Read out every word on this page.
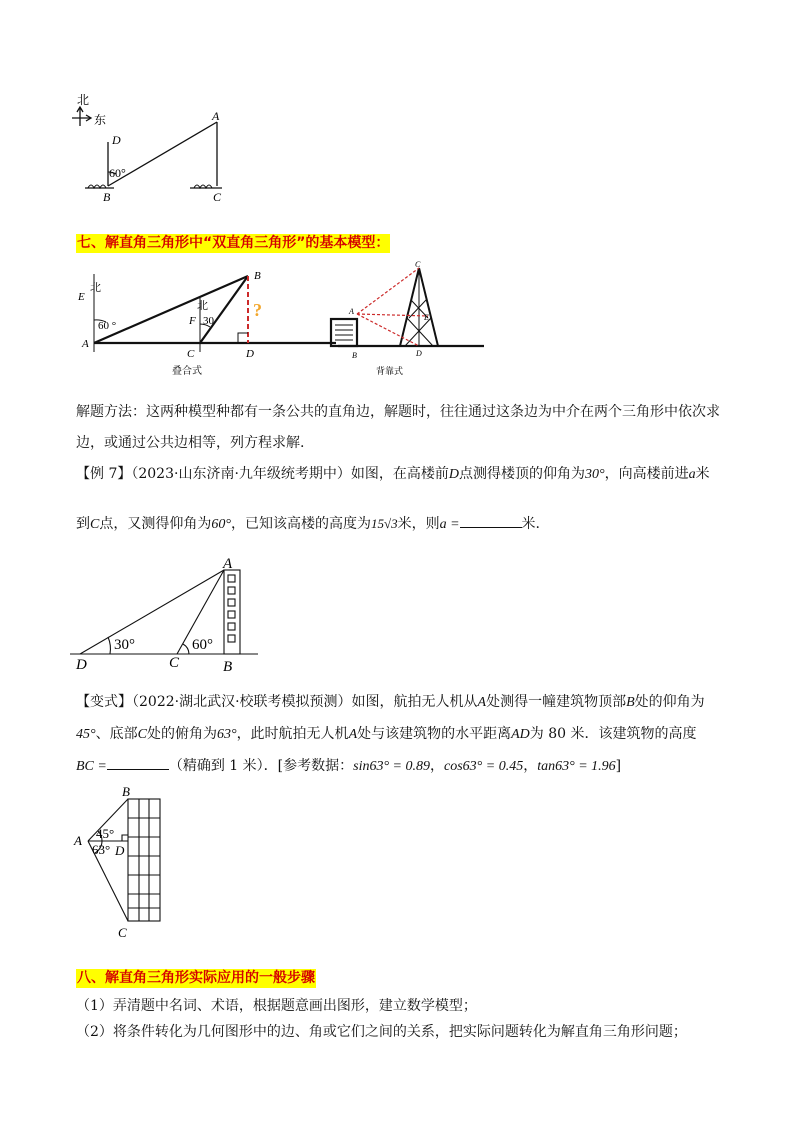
北
东
D
A
60°
B	C
七、解直角三角形中“双直角三角形”的基本模型：
B
E
北
北
60 °	F 30
?
A
C	D
叠合式
C
A
E
B	D
背靠式
解题方法：这两种模型种都有一条公共的直角边，解题时，往往通过这条边为中介在两个三角形中依次求
边，或通过公共边相等，列方程求解.
【例 7】（2023·山东济南·九年级统考期中）如图，在高楼前D点测得楼顶的仰角为30°，向高楼前进a米
到C点，又测得仰角为60°，已知该高楼的高度为15√3米，则a =	米.
A
30°	60°
D	C	B
【变式】（2022·湖北武汉·校联考模拟预测）如图，航拍无人机从A处测得一幢建筑物顶部B处的仰角为
45°、底部C处的俯角为63°，此时航拍无人机A处与该建筑物的水平距离AD为 80 米．该建筑物的高度
BC =	（精确到 1 米）．[参考数据：sin63° = 0.89，cos63° = 0.45，tan63° = 1.96]
B
A 45°
63° D
C
八、解直角三角形实际应用的一般步骤
（1）弄清题中名词、术语，根据题意画出图形，建立数学模型；
（2）将条件转化为几何图形中的边、角或它们之间的关系，把实际问题转化为解直角三角形问题；
